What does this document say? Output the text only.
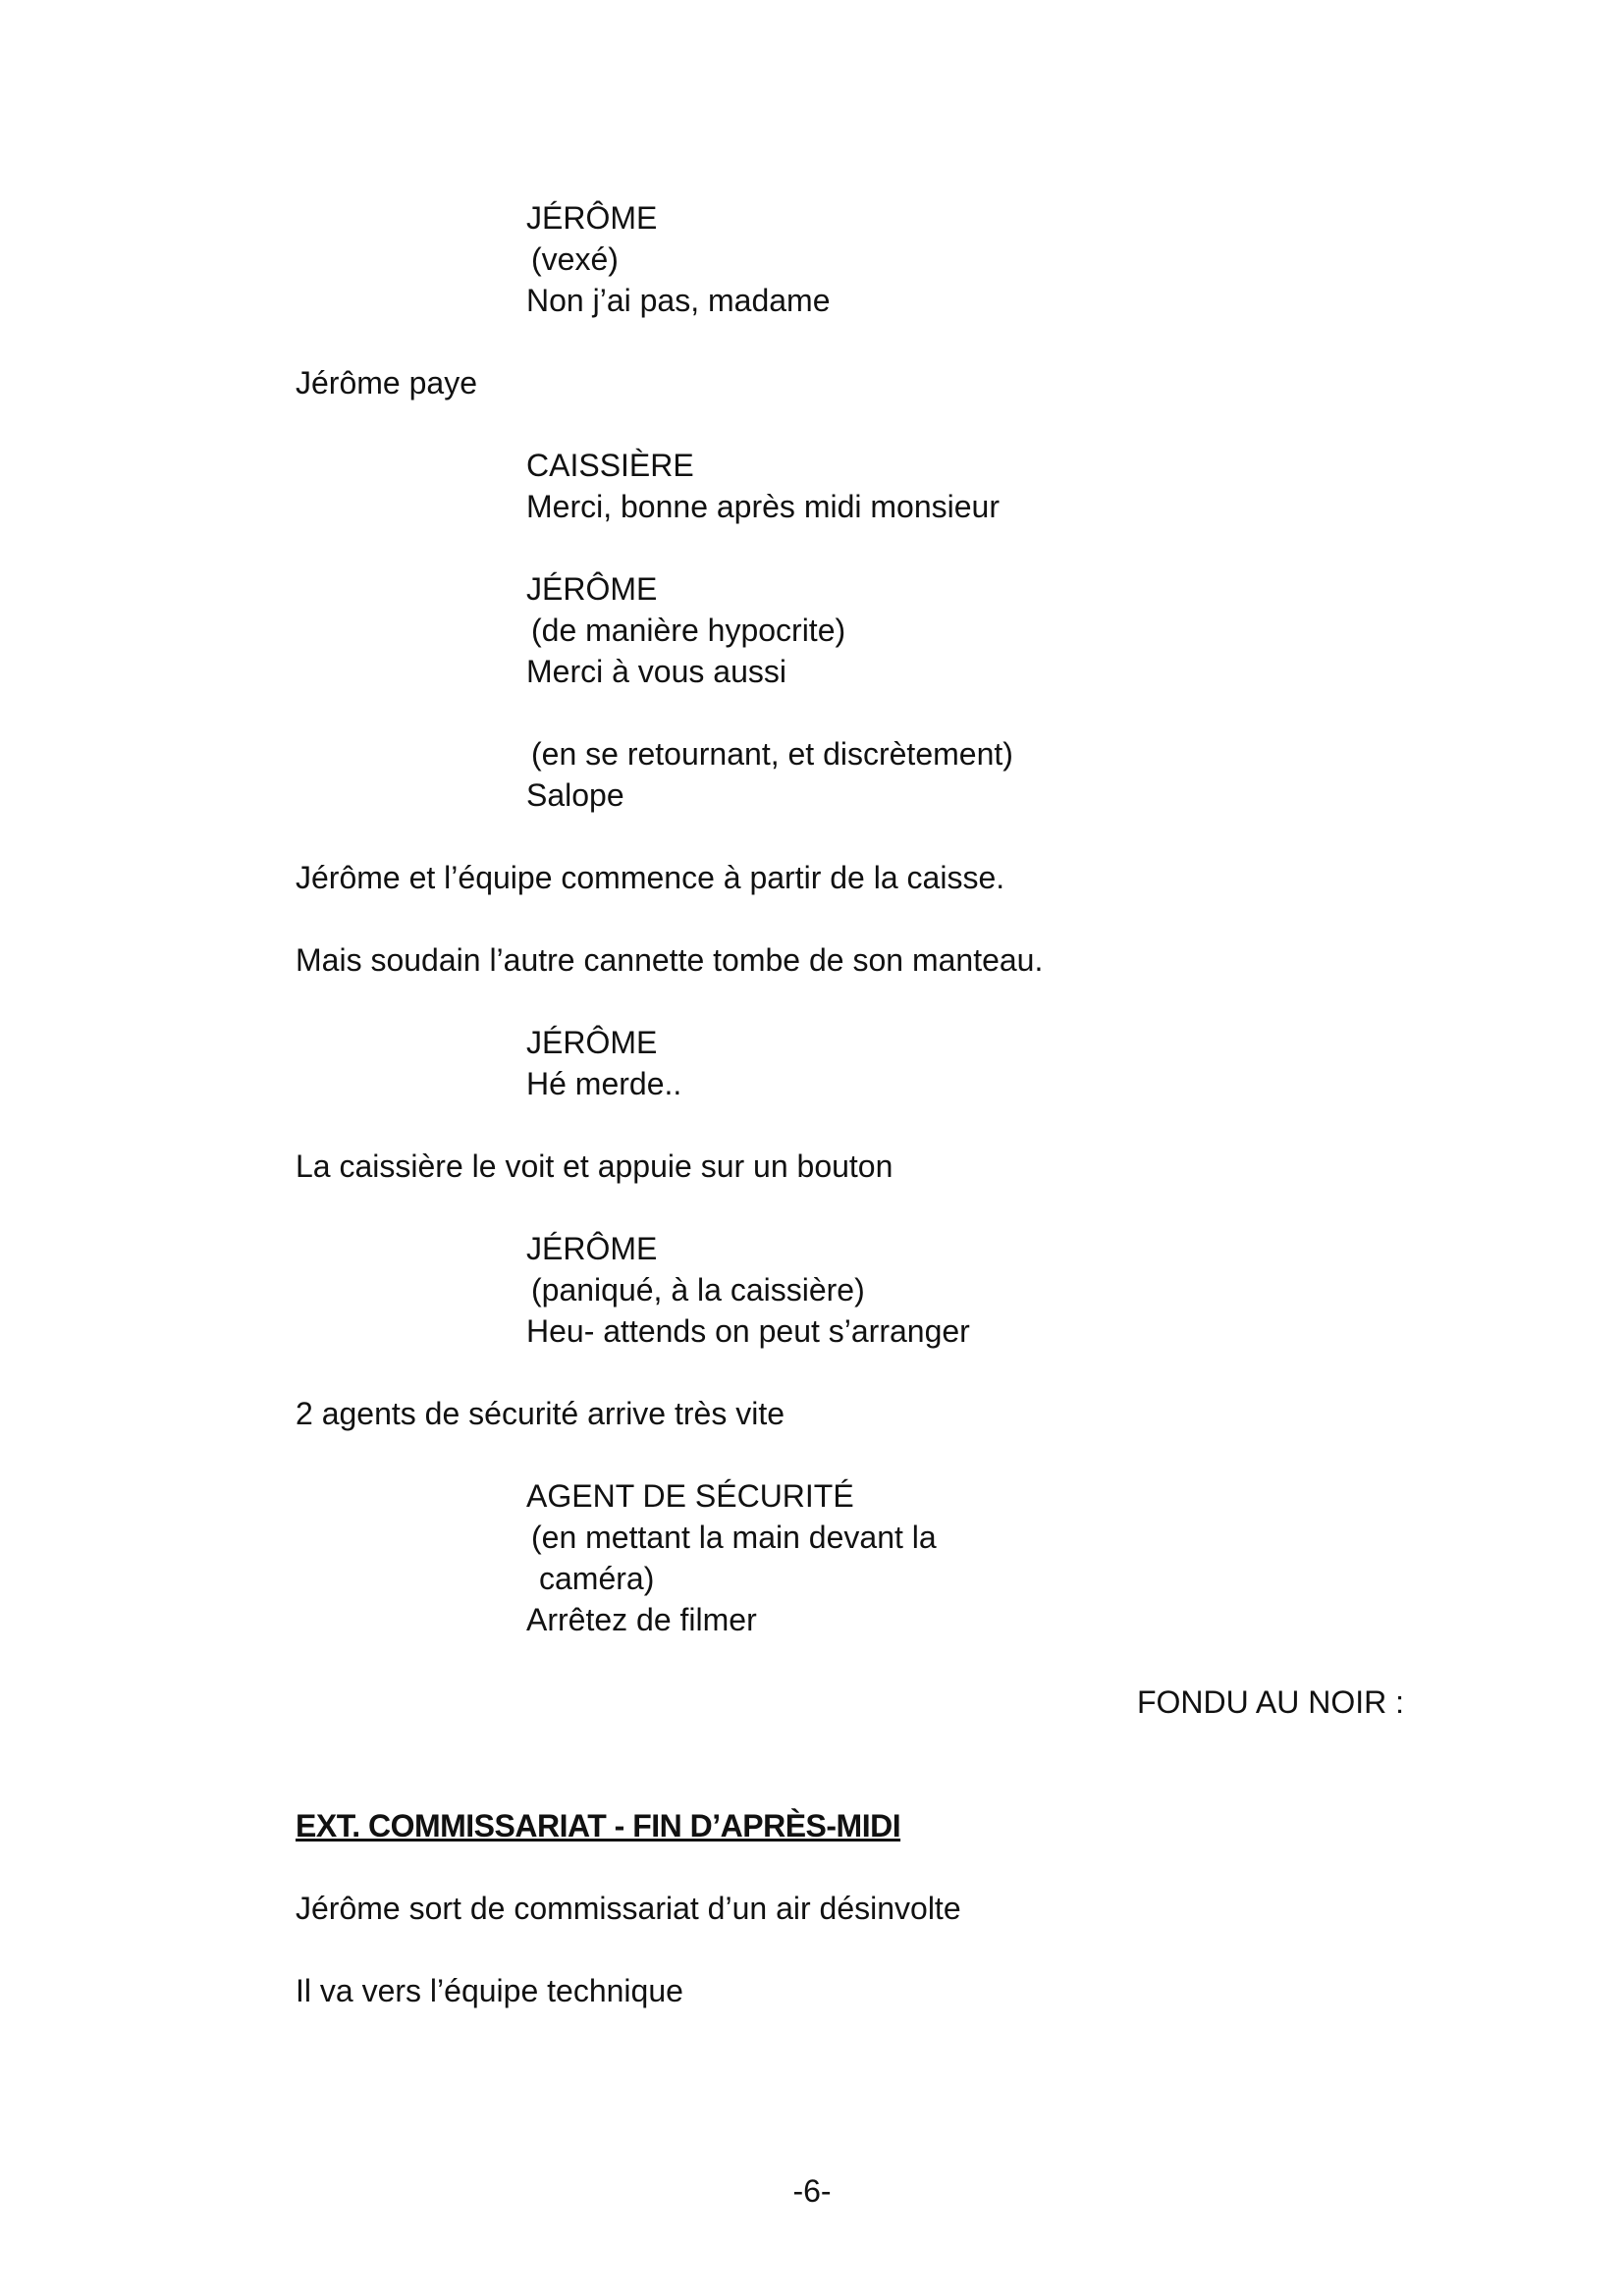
JÉRÔME
(vexé)
Non j’ai pas, madame
Jérôme paye
CAISSIÈRE
Merci, bonne après midi monsieur
JÉRÔME
(de manière hypocrite)
Merci à vous aussi
(en se retournant, et discrètement)
Salope
Jérôme et l’équipe commence à partir de la caisse.
Mais soudain l’autre cannette tombe de son manteau.
JÉRÔME
Hé merde..
La caissière le voit et appuie sur un bouton
JÉRÔME
(paniqué, à la caissière)
Heu- attends on peut s’arranger
2 agents de sécurité arrive très vite
AGENT DE SÉCURITÉ
(en mettant la main devant la
caméra)
Arrêtez de filmer
FONDU AU NOIR :
EXT. COMMISSARIAT - FIN D’APRÈS-MIDI
Jérôme sort de commissariat d’un air désinvolte
Il va vers l’équipe technique
-6-
